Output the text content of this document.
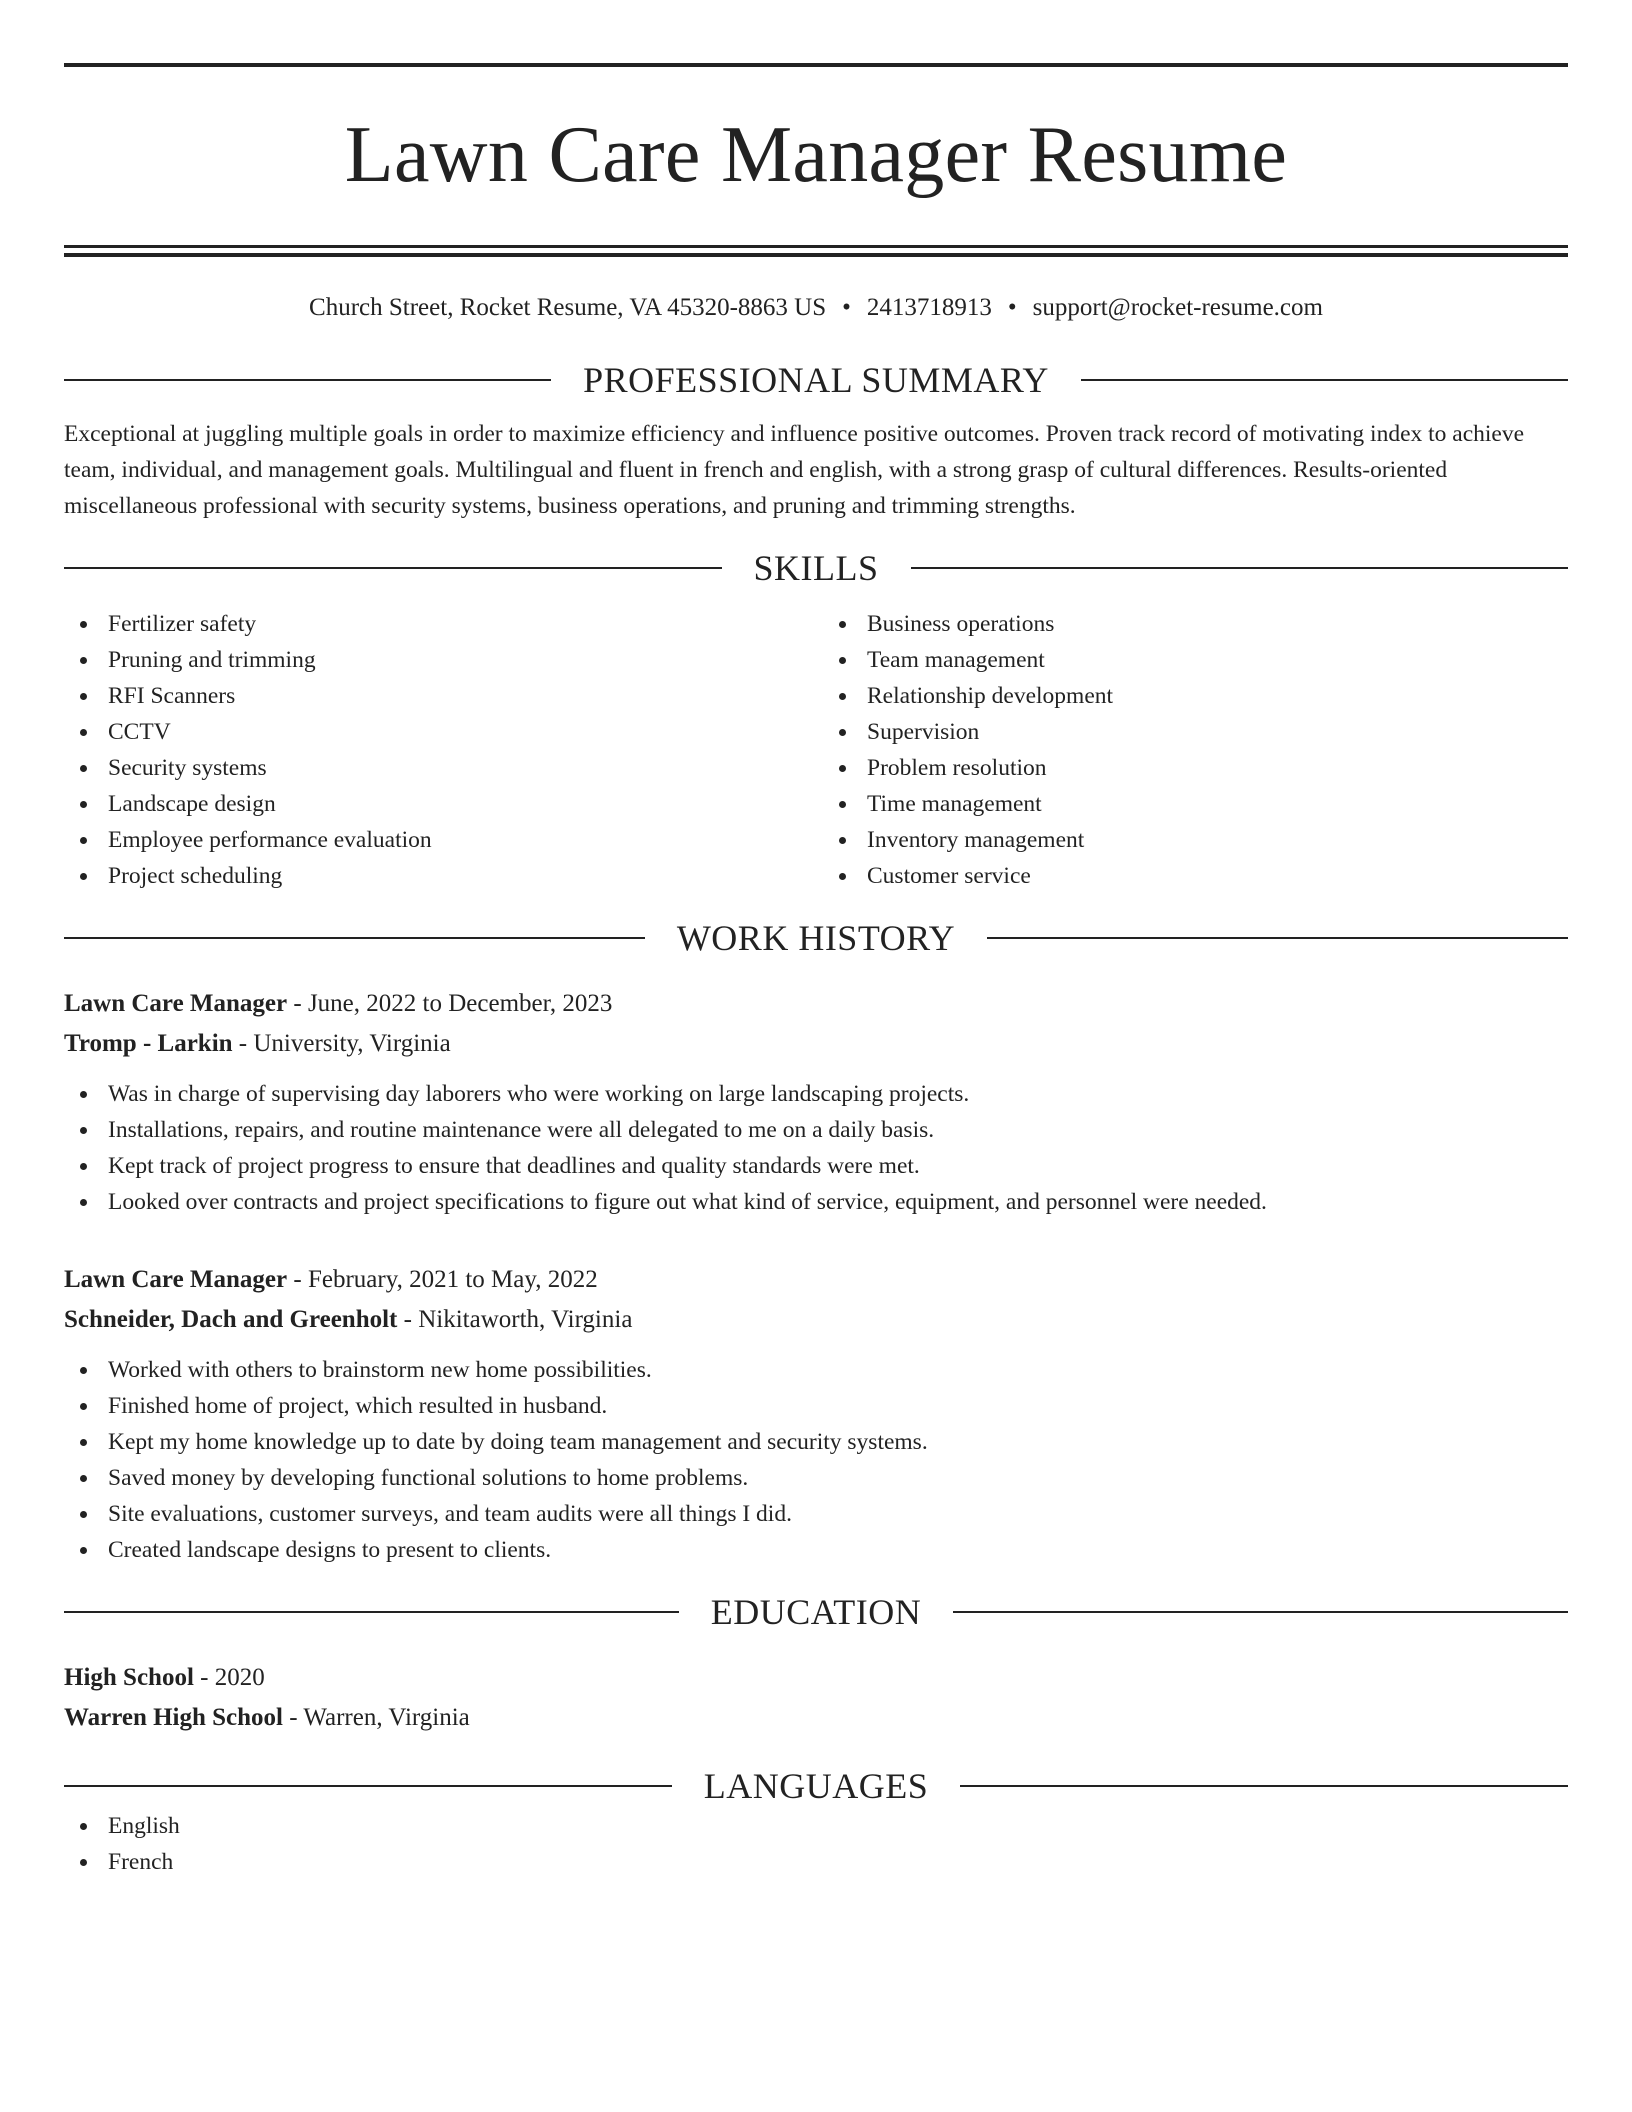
Lawn Care Manager Resume
Church Street, Rocket Resume, VA 45320-8863 US • 2413718913 • support@rocket-resume.com
PROFESSIONAL SUMMARY

Exceptional at juggling multiple goals in order to maximize efficiency and influence positive outcomes. Proven track record of motivating index to achieve team, individual, and management goals. Multilingual and fluent in french and english, with a strong grasp of cultural differences. Results-oriented miscellaneous professional with security systems, business operations, and pruning and trimming strengths.

SKILLS
Fertilizer safety
Pruning and trimming
RFI Scanners
CCTV
Security systems
Landscape design
Employee performance evaluation
Project scheduling
Business operations
Team management
Relationship development
Supervision
Problem resolution
Time management
Inventory management
Customer service
WORK HISTORY
Lawn Care Manager - June, 2022 to December, 2023
Tromp - Larkin - University, Virginia
Was in charge of supervising day laborers who were working on large landscaping projects.
Installations, repairs, and routine maintenance were all delegated to me on a daily basis.
Kept track of project progress to ensure that deadlines and quality standards were met.
Looked over contracts and project specifications to figure out what kind of service, equipment, and personnel were needed.
Lawn Care Manager - February, 2021 to May, 2022
Schneider, Dach and Greenholt - Nikitaworth, Virginia
Worked with others to brainstorm new home possibilities.
Finished home of project, which resulted in husband.
Kept my home knowledge up to date by doing team management and security systems.
Saved money by developing functional solutions to home problems.
Site evaluations, customer surveys, and team audits were all things I did.
Created landscape designs to present to clients.
EDUCATION
High School - 2020
Warren High School - Warren, Virginia
LANGUAGES
English
French
